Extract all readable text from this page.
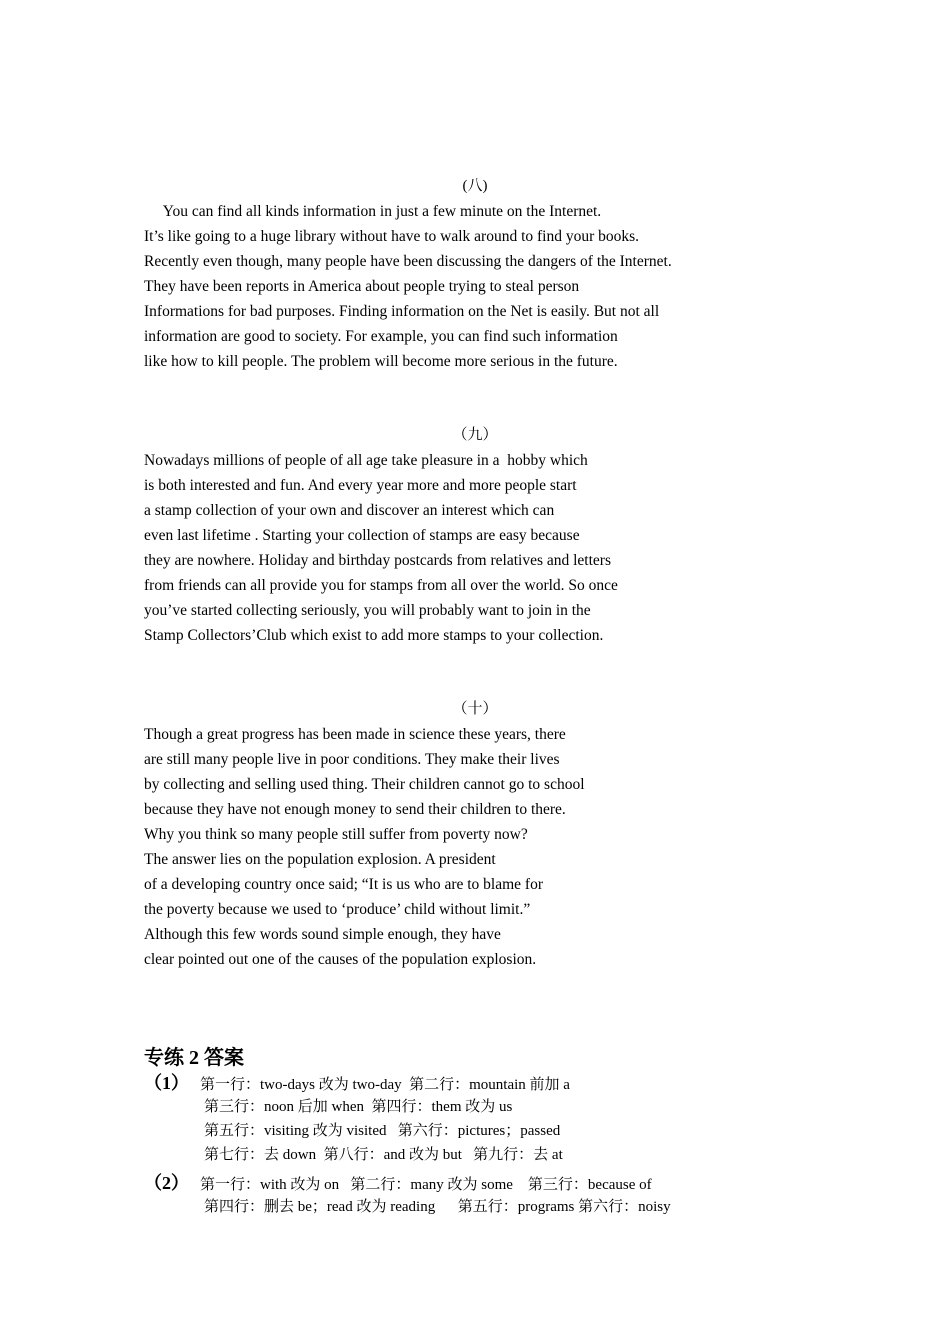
(八)
You can find all kinds information in just a few minute on the Internet.
It’s like going to a huge library without have to walk around to find your books.
Recently even though, many people have been discussing the dangers of the Internet.
They have been reports in America about people trying to steal person
Informations for bad purposes. Finding information on the Net is easily. But not all
information are good to society. For example, you can find such information
like how to kill people. The problem will become more serious in the future.
（九）
Nowadays millions of people of all age take pleasure in a  hobby which
is both interested and fun. And every year more and more people start
a stamp collection of your own and discover an interest which can
even last lifetime . Starting your collection of stamps are easy because
they are nowhere. Holiday and birthday postcards from relatives and letters
from friends can all provide you for stamps from all over the world. So once
you’ve started collecting seriously, you will probably want to join in the
Stamp Collectors’Club which exist to add more stamps to your collection.
（十）
Though a great progress has been made in science these years, there
are still many people live in poor conditions. They make their lives
by collecting and selling used thing. Their children cannot go to school
because they have not enough money to send their children to there.
Why you think so many people still suffer from poverty now?
The answer lies on the population explosion. A president
of a developing country once said; “It is us who are to blame for
the poverty because we used to ‘produce’ child without limit.”
Although this few words sound simple enough, they have
clear pointed out one of the causes of the population explosion.
专练 2 答案
（1） 第一行：two-days 改为 two-day  第二行：mountain 前加 a
第三行：noon 后加 when  第四行：them 改为 us
第五行：visiting 改为 visited   第六行：pictures；passed
第七行：去 down  第八行：and 改为 but   第九行：去 at
（2） 第一行：with 改为 on   第二行：many 改为 some    第三行：because of
第四行：删去 be；read 改为 reading      第五行：programs 第六行：noisy
